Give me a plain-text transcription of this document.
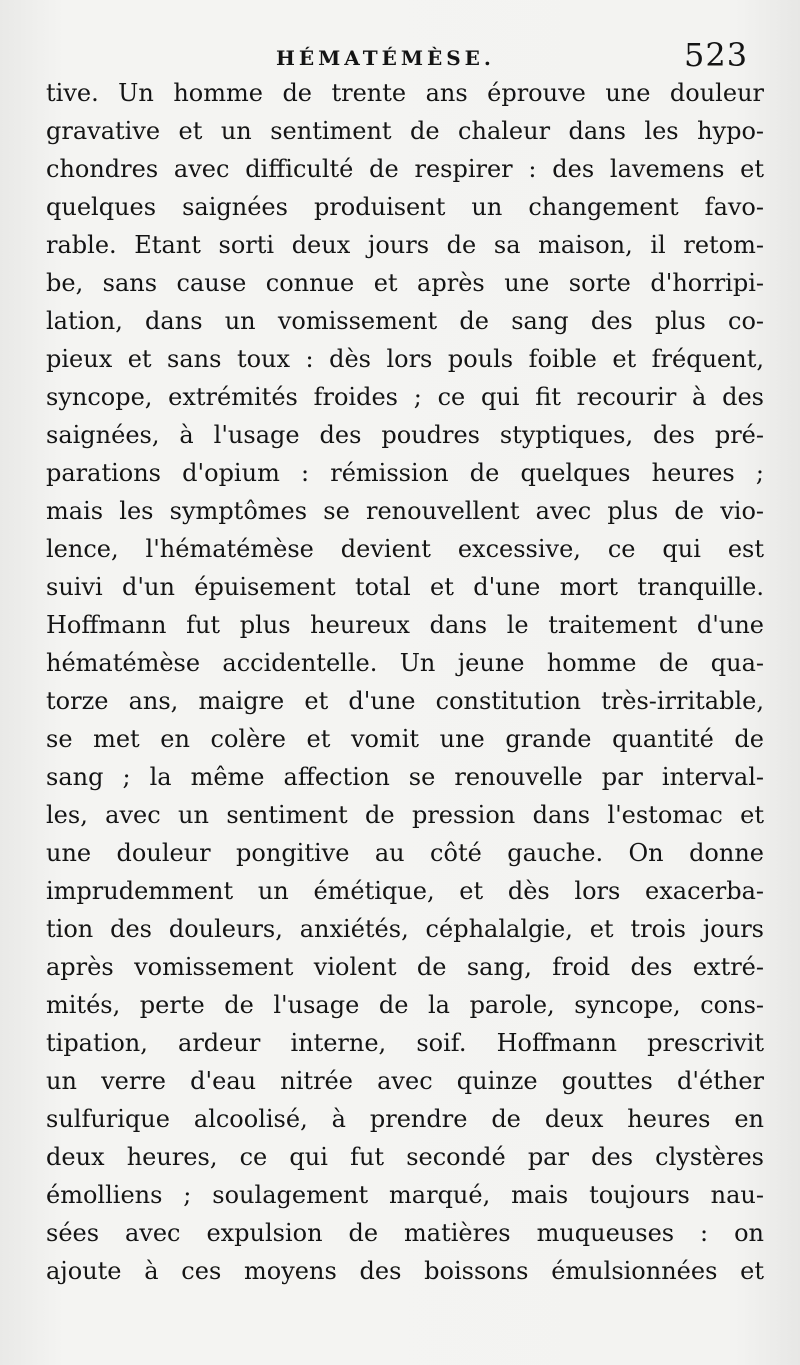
HÉMATÉMÈSE.	523
tive. Un homme de trente ans éprouve une douleur
gravative et un sentiment de chaleur dans les hypo-
chondres avec difficulté de respirer : des lavemens et
quelques saignées produisent un changement favo-
rable. Etant sorti deux jours de sa maison, il retom-
be, sans cause connue et après une sorte d'horripi-
lation, dans un vomissement de sang des plus co-
pieux et sans toux : dès lors pouls foible et fréquent,
syncope, extrémités froides ; ce qui fit recourir à des
saignées, à l'usage des poudres styptiques, des pré-
parations d'opium : rémission de quelques heures ;
mais les symptômes se renouvellent avec plus de vio-
lence, l'hématémèse devient excessive, ce qui est
suivi d'un épuisement total et d'une mort tranquille.
Hoffmann fut plus heureux dans le traitement d'une
hématémèse accidentelle. Un jeune homme de qua-
torze ans, maigre et d'une constitution très-irritable,
se met en colère et vomit une grande quantité de
sang ; la même affection se renouvelle par interval-
les, avec un sentiment de pression dans l'estomac et
une douleur pongitive au côté gauche. On donne
imprudemment un émétique, et dès lors exacerba-
tion des douleurs, anxiétés, céphalalgie, et trois jours
après vomissement violent de sang, froid des extré-
mités, perte de l'usage de la parole, syncope, cons-
tipation, ardeur interne, soif. Hoffmann prescrivit
un verre d'eau nitrée avec quinze gouttes d'éther
sulfurique alcoolisé, à prendre de deux heures en
deux heures, ce qui fut secondé par des clystères
émolliens ; soulagement marqué, mais toujours nau-
sées avec expulsion de matières muqueuses : on
ajoute à ces moyens des boissons émulsionnées et
